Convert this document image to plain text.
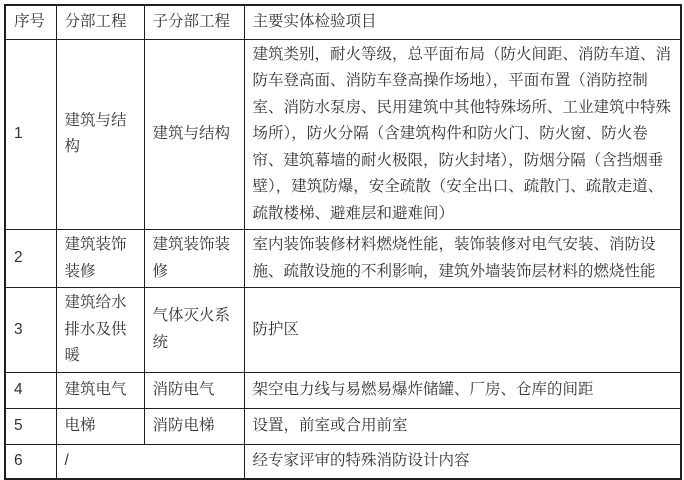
序号	分部工程	子分部工程	主要实体检验项目
1	建筑与结构	建筑与结构	建筑类别，耐火等级，总平面布局（防火间距、消防车道、消防车登高面、消防车登高操作场地），平面布置（消防控制室、消防水泵房、民用建筑中其他特殊场所、工业建筑中特殊场所），防火分隔（含建筑构件和防火门、防火窗、防火卷帘、建筑幕墙的耐火极限，防火封堵），防烟分隔（含挡烟垂壁），建筑防爆，安全疏散（安全出口、疏散门、疏散走道、疏散楼梯、避难层和避难间）
2	建筑装饰装修	建筑装饰装修	室内装饰装修材料燃烧性能，装饰装修对电气安装、消防设施、疏散设施的不利影响，建筑外墙装饰层材料的燃烧性能
3	建筑给水排水及供暖	气体灭火系统	防护区
4	建筑电气	消防电气	架空电力线与易燃易爆炸储罐、厂房、仓库的间距
5	电梯	消防电梯	设置，前室或合用前室
6	/		经专家评审的特殊消防设计内容
